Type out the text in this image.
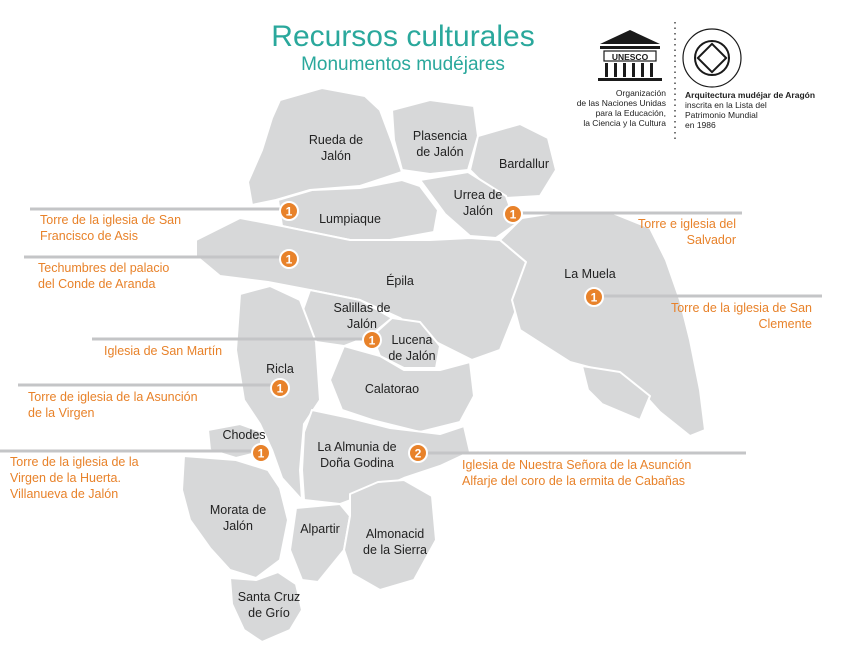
Recursos culturales
Monumentos mudéjares
Rueda de Jalón
Plasencia de Jalón
Bardallur
Urrea de Jalón
Lumpiaque
Épila	La Muela
Salillas de Jalón
Lucena de Jalón
Ricla
Calatorao
Chodes
La Almunia de Doña Godina
Morata de Jalón	Alpartir Almonacid de la Sierra
Santa Cruz de Grío
1
1
1
1
1
1
1	2
UNESCO
Organización
de las Naciones Unidas
para la Educación,
la Ciencia y la Cultura
Arquitectura mudéjar de Aragón
inscrita en la Lista del
Patrimonio Mundial
en 1986
Torre de la iglesia de San
Francisco de Asis
Torre e iglesia del
Salvador
Techumbres del palacio
del Conde de Aranda
Torre de la iglesia de San
Clemente
Iglesia de San Martín
Torre de iglesia de la Asunción
de la Virgen
Torre de la iglesia de la
Virgen de la Huerta.
Villanueva de Jalón
Iglesia de Nuestra Señora de la Asunción
Alfarje del coro de la ermita de Cabañas
